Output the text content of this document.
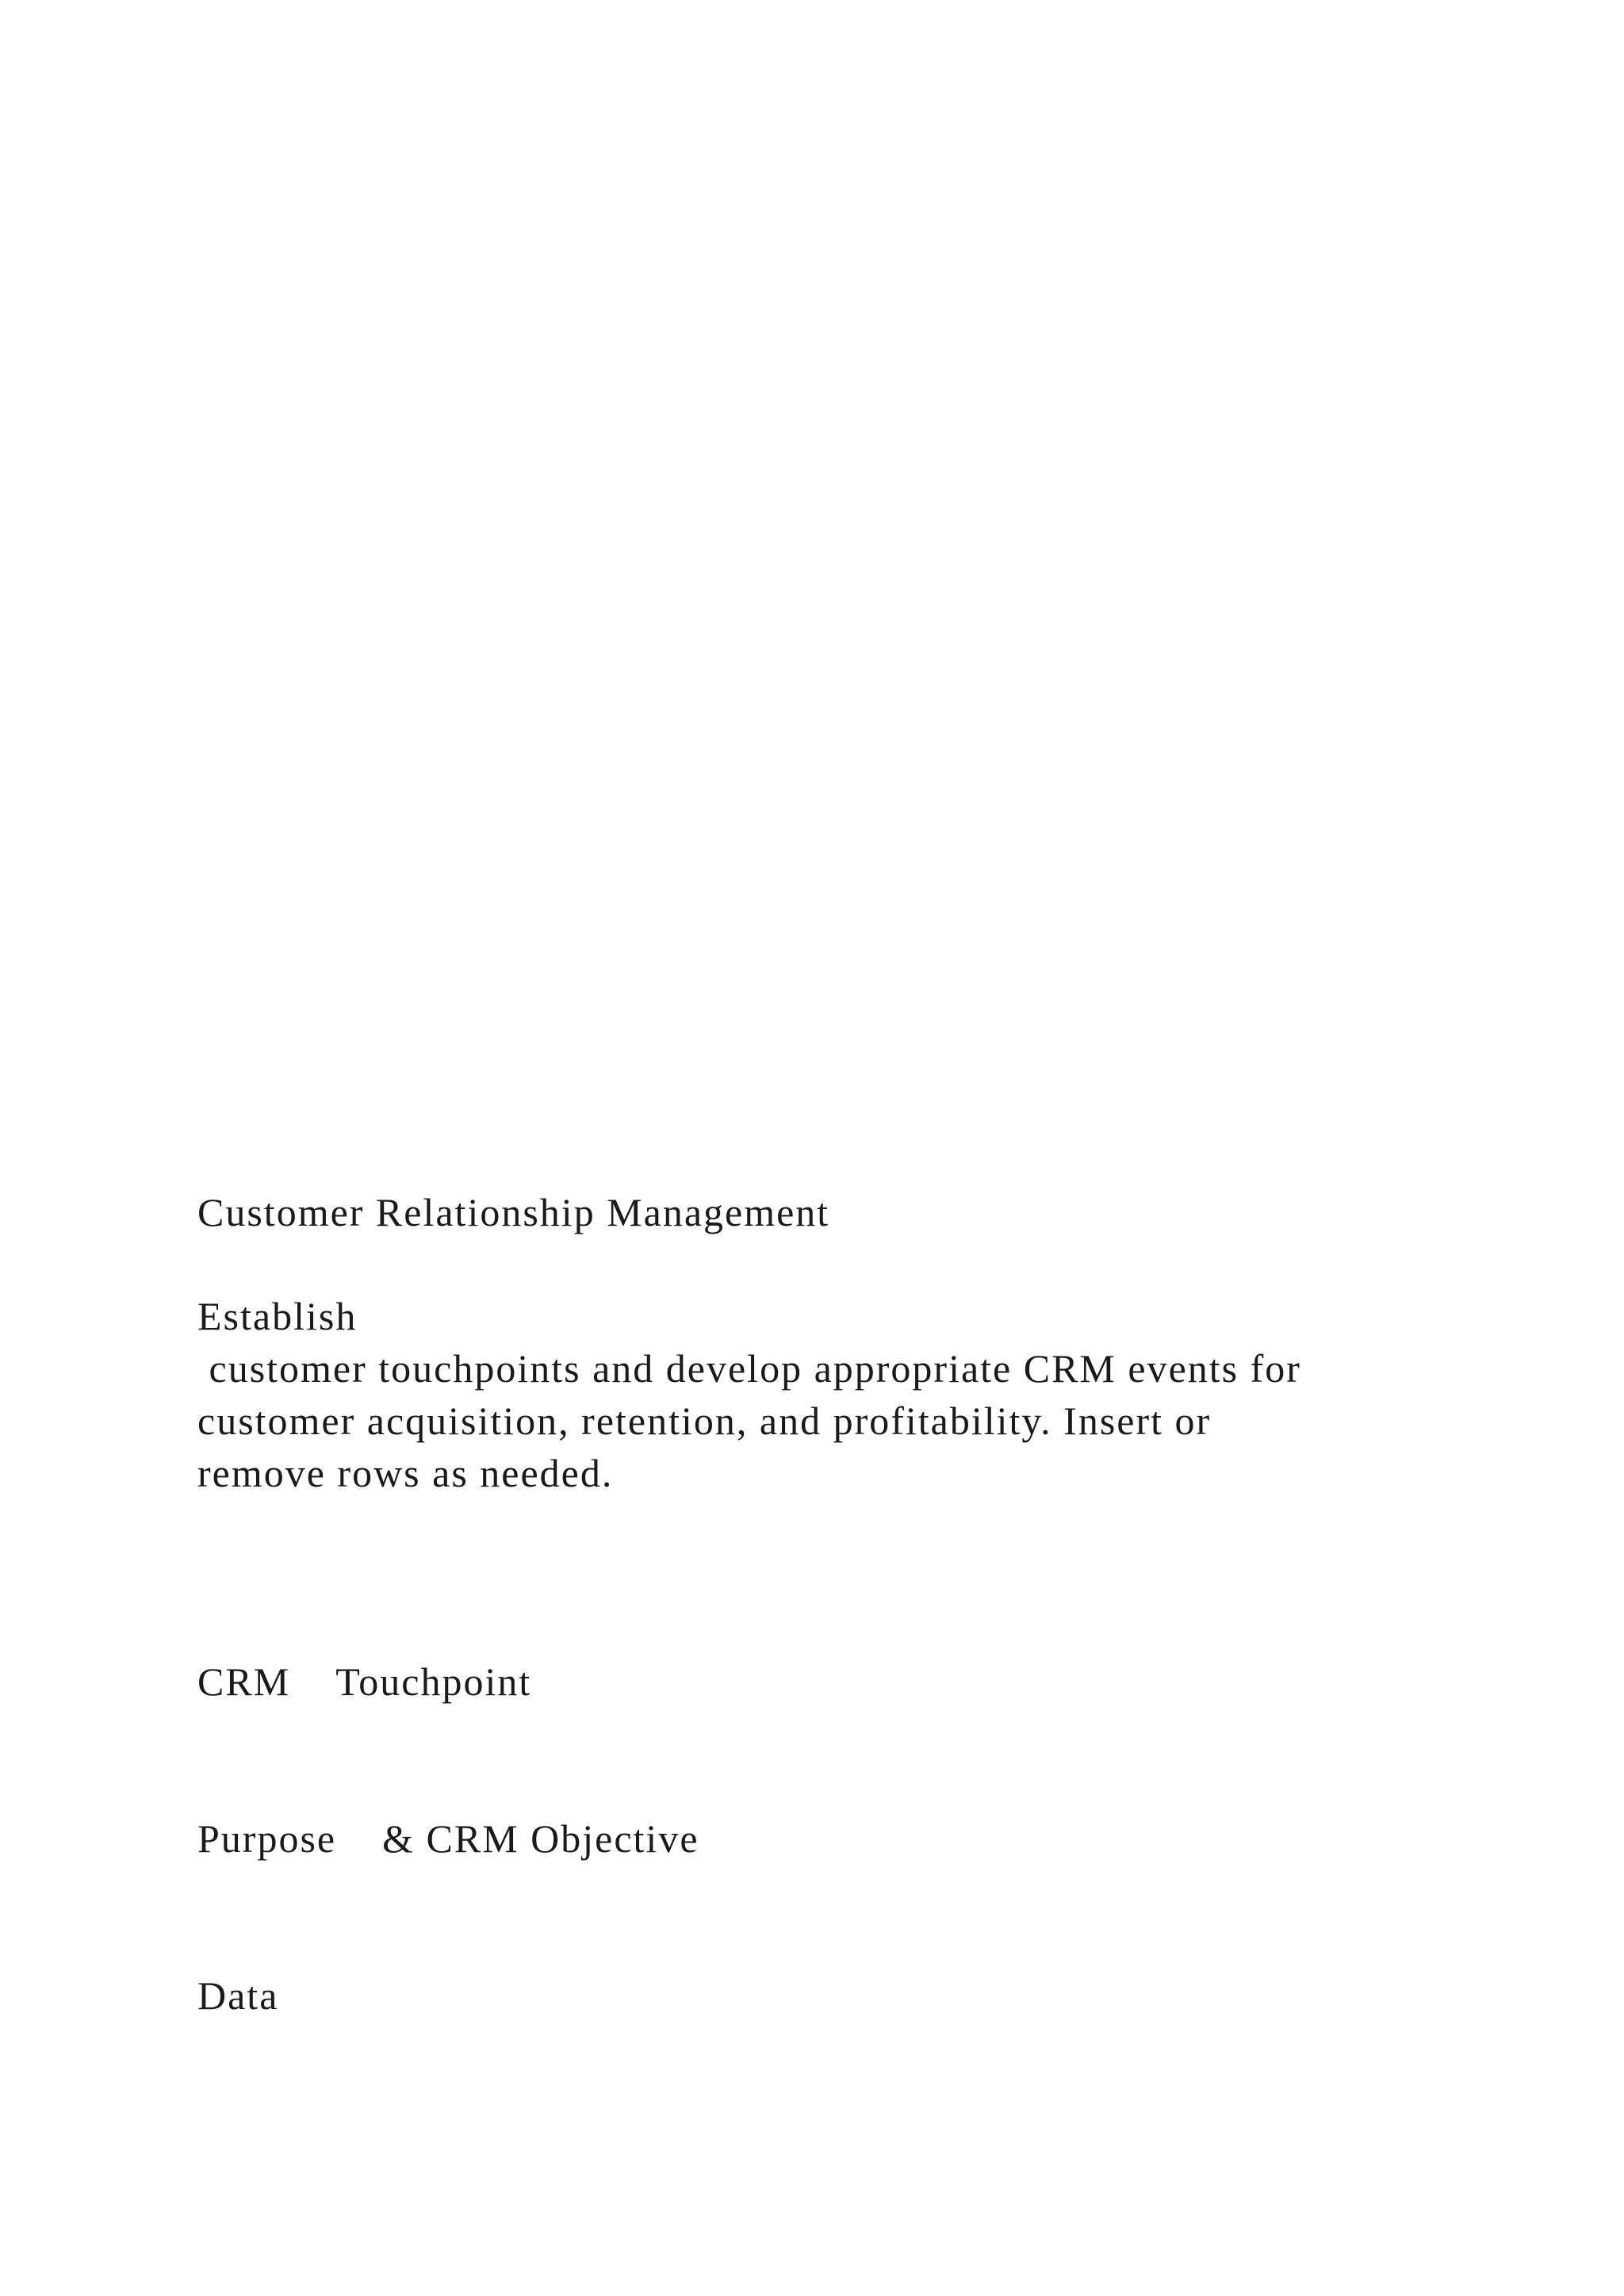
Customer Relationship Management
Establish
customer touchpoints and develop appropriate CRM events for
customer acquisition, retention, and profitability. Insert or
remove rows as needed.
CRM    Touchpoint
Purpose    & CRM Objective
Data
